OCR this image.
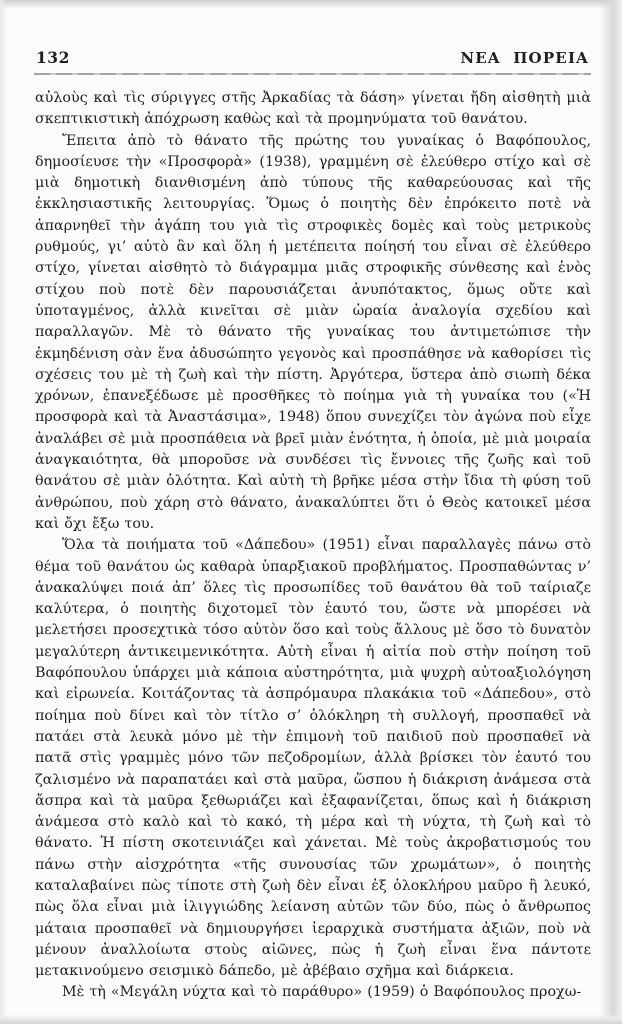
132	ΝΕΑ ΠΟΡΕΙΑ

αὐλοὺς καὶ τὶς σύριγγες στῆς Ἀρκαδίας τὰ δάση» γίνεται ἤδη αἰσθητὴ μιὰ σκεπτικιστικὴ ἀπόχρωση καθὼς καὶ τὰ προμηνύματα τοῦ θανάτου.

Ἔπειτα ἀπὸ τὸ θάνατο τῆς πρώτης του γυναίκας ὁ Βαφόπουλος, δημοσίευσε τὴν «Προσφορὰ» (1938), γραμμένη σὲ ἐλεύθερο στίχο καὶ σὲ μιὰ δημοτικὴ διανθισμένη ἀπὸ τύπους τῆς καθαρεύουσας καὶ τῆς ἐκκλησιαστικῆς λειτουργίας. Ὅμως ὁ ποιητὴς δὲν ἐπρόκειτο ποτὲ νὰ ἀπαρνηθεῖ τὴν ἀγάπη του γιὰ τὶς στροφικὲς δομὲς καὶ τοὺς μετρικοὺς ρυθμούς, γι’ αὐτὸ ἂν καὶ ὅλη ἡ μετέπειτα ποίησή του εἶναι σὲ ἐλεύθερο στίχο, γίνεται αἰσθητὸ τὸ διάγραμμα μιᾶς στροφικῆς σύνθεσης καὶ ἑνὸς στίχου ποὺ ποτὲ δὲν παρουσιάζεται ἀνυπότακτος, ὅμως οὔτε καὶ ὑποταγμένος, ἀλλὰ κινεῖται σὲ μιὰν ὡραία ἀναλογία σχεδίου καὶ παραλλαγῶν. Μὲ τὸ θάνατο τῆς γυναίκας του ἀντιμετώπισε τὴν ἐκμηδένιση σὰν ἕνα ἀδυσώπητο γεγονὸς καὶ προσπάθησε νὰ καθορίσει τὶς σχέσεις του μὲ τὴ ζωὴ καὶ τὴν πίστη. Ἀργότερα, ὕστερα ἀπὸ σιωπὴ δέκα χρόνων, ἐπανεξέδωσε μὲ προσθῆκες τὸ ποίημα γιὰ τὴ γυναίκα του («Ἡ προσφορὰ καὶ τὰ Ἀναστάσιμα», 1948) ὅπου συνεχίζει τὸν ἀγώνα ποὺ εἶχε ἀναλάβει σὲ μιὰ προσπάθεια νὰ βρεῖ μιὰν ἑνότητα, ἡ ὁποία, μὲ μιὰ μοιραία ἀναγκαιότητα, θὰ μποροῦσε νὰ συνδέσει τὶς ἔννοιες τῆς ζωῆς καὶ τοῦ θανάτου σὲ μιὰν ὁλότητα. Καὶ αὐτὴ τὴ βρῆκε μέσα στὴν ἴδια τὴ φύση τοῦ ἀνθρώπου, ποὺ χάρη στὸ θάνατο, ἀνακαλύπτει ὅτι ὁ Θεὸς κατοικεῖ μέσα καὶ ὄχι ἔξω του.

Ὅλα τὰ ποιήματα τοῦ «Δάπεδου» (1951) εἶναι παραλλαγὲς πάνω στὸ θέμα τοῦ θανάτου ὡς καθαρὰ ὑπαρξιακοῦ προβλήματος. Προσπαθώντας ν’ ἀνακαλύψει ποιά ἀπ’ ὅλες τὶς προσωπίδες τοῦ θανάτου θὰ τοῦ ταίριαζε καλύτερα, ὁ ποιητὴς διχοτομεῖ τὸν ἑαυτό του, ὥστε νὰ μπορέσει νὰ μελετήσει προσεχτικὰ τόσο αὐτὸν ὅσο καὶ τοὺς ἄλλους μὲ ὅσο τὸ δυνατὸν μεγαλύτερη ἀντικειμενικότητα. Αὐτὴ εἶναι ἡ αἰτία ποὺ στὴν ποίηση τοῦ Βαφόπουλου ὑπάρχει μιὰ κάποια αὐστηρότητα, μιὰ ψυχρὴ αὐτοαξιολόγηση καὶ εἰρωνεία. Κοιτάζοντας τὰ ἀσπρόμαυρα πλακάκια τοῦ «Δάπεδου», στὸ ποίημα ποὺ δίνει καὶ τὸν τίτλο σ’ ὁλόκληρη τὴ συλλογή, προσπαθεῖ νὰ πατάει στὰ λευκὰ μόνο μὲ τὴν ἐπιμονὴ τοῦ παιδιοῦ ποὺ προσπαθεῖ νὰ πατᾶ στὶς γραμμὲς μόνο τῶν πεζοδρομίων, ἀλλὰ βρίσκει τὸν ἑαυτό του ζαλισμένο νὰ παραπατάει καὶ στὰ μαῦρα, ὥσπου ἡ διάκριση ἀνάμεσα στὰ ἄσπρα καὶ τὰ μαῦρα ξεθωριάζει καὶ ἐξαφανίζεται, ὅπως καὶ ἡ διάκριση ἀνάμεσα στὸ καλὸ καὶ τὸ κακό, τὴ μέρα καὶ τὴ νύχτα, τὴ ζωὴ καὶ τὸ θάνατο. Ἡ πίστη σκοτεινιάζει καὶ χάνεται. Μὲ τοὺς ἀκροβατισμούς του πάνω στὴν αἰσχρότητα «τῆς συνουσίας τῶν χρωμάτων», ὁ ποιητὴς καταλαβαίνει πὼς τίποτε στὴ ζωὴ δὲν εἶναι ἐξ ὁλοκλήρου μαῦρο ἢ λευκό, πὼς ὅλα εἶναι μιὰ ἰλιγγιώδης λείανση αὐτῶν τῶν δύο, πὼς ὁ ἄνθρωπος μάταια προσπαθεῖ νὰ δημιουργήσει ἱεραρχικὰ συστήματα ἀξιῶν, ποὺ νὰ μένουν ἀναλλοίωτα στοὺς αἰῶνες, πὼς ἡ ζωὴ εἶναι ἕνα πάντοτε μετακινούμενο σεισμικὸ δάπεδο, μὲ ἀβέβαιο σχῆμα καὶ διάρκεια.

Μὲ τὴ «Μεγάλη νύχτα καὶ τὸ παράθυρο» (1959) ὁ Βαφόπουλος προχω-
